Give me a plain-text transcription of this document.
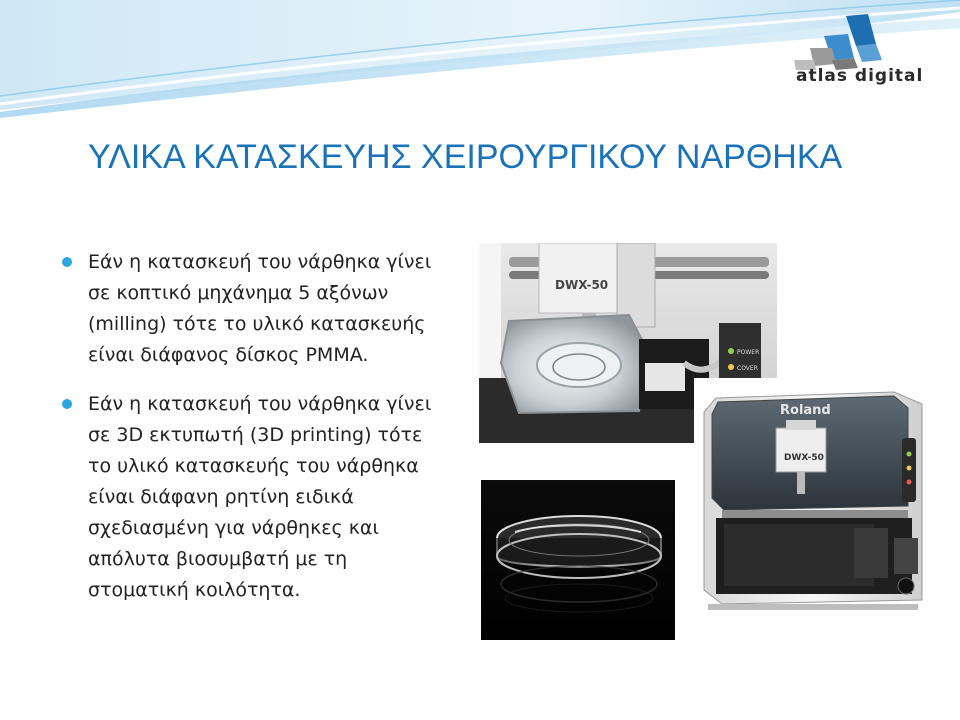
atlas digital
ΥΛΙΚΑ ΚΑΤΑΣΚΕΥΗΣ ΧΕΙΡΟΥΡΓΙΚΟΥ ΝΑΡΘΗΚΑ
Εάν η κατασκευή του νάρθηκα γίνει σε κοπτικό μηχάνημα 5 αξόνων (milling) τότε το υλικό κατασκευής είναι διάφανος δίσκος PMMA.
Εάν η κατασκευή του νάρθηκα γίνει σε 3D εκτυπωτή (3D printing) τότε το υλικό κατασκευής του νάρθηκα είναι διάφανη ρητίνη ειδικά σχεδιασμένη για νάρθηκες και απόλυτα βιοσυμβατή με τη στοματική κοιλότητα.
DWX-50
POWER
COVER
Roland
DWX-50
